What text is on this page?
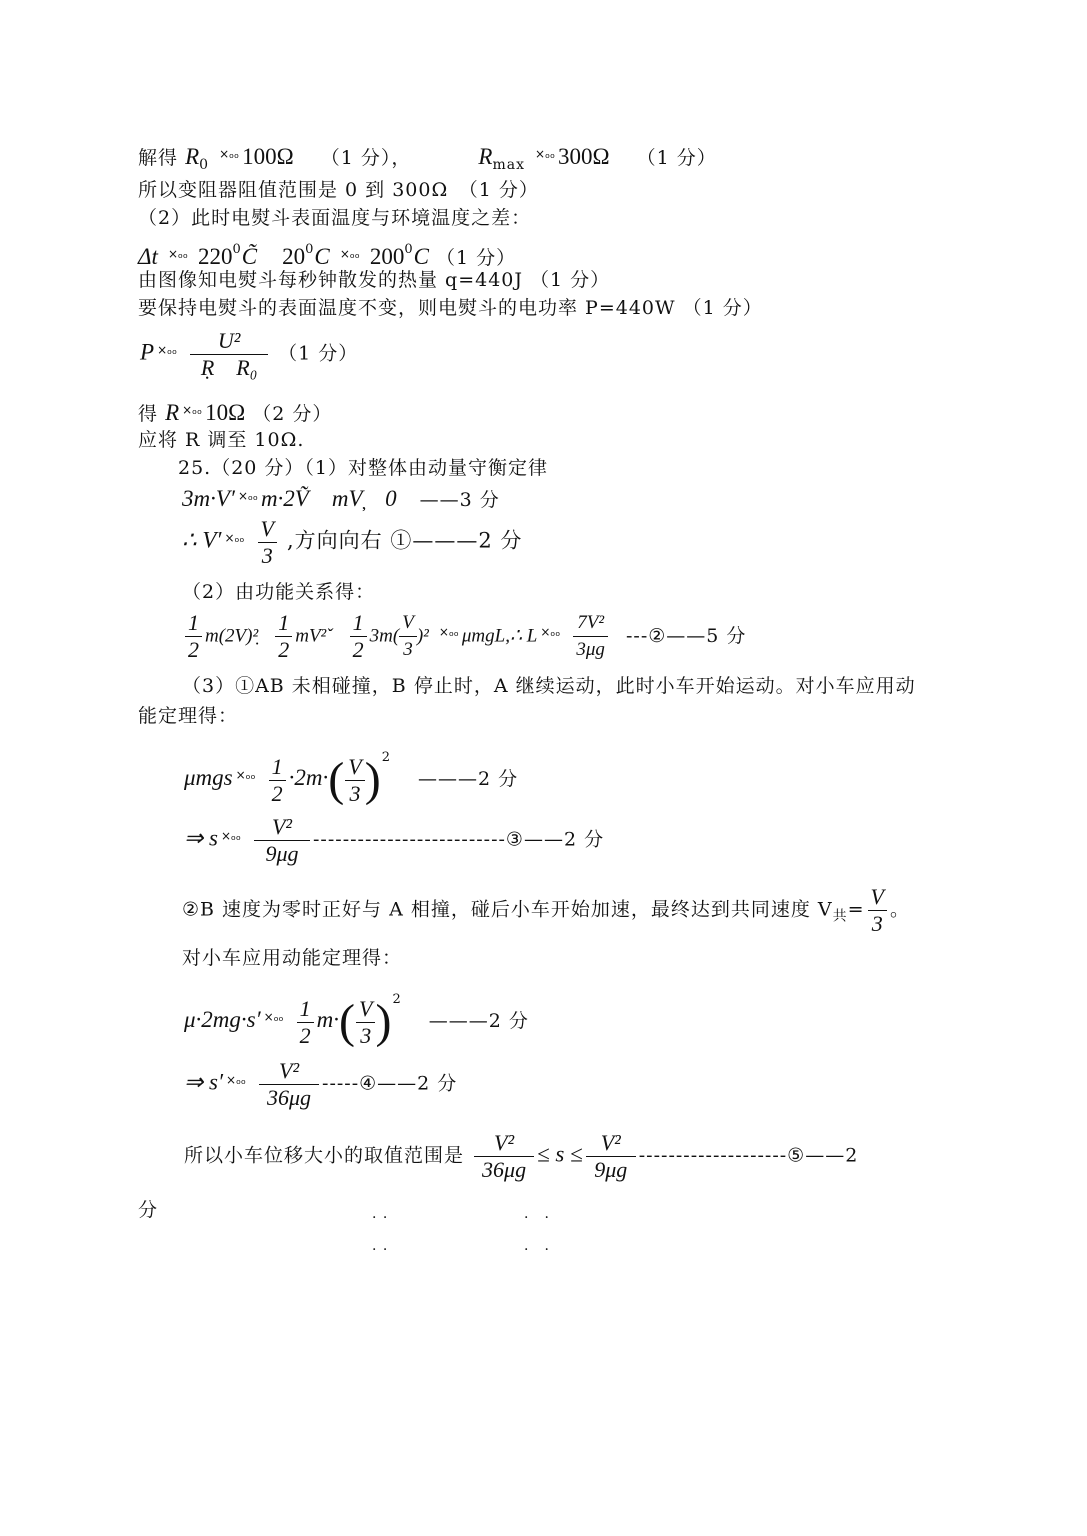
解得 $R_0$ $^{\times_{oo}}$ 100Ω （1 分），	$R_{max}$ $^{\times_{oo}}$ 300Ω （1 分）
所以变阻器阻值范围是 0 到 300Ω　（1 分）
（2）此时电熨斗表面温度与环境温度之差：
Δt $^{\times_{oo}}$ $220^0C̃$ $20^0C$ $^{\times_{oo}}$ $200^0C$ （1 分）
由图像知电熨斗每秒钟散发的热量 q=440J （1 分）
要保持电熨斗的表面温度不变，则电熨斗的电功率 P=440W （1 分）
P $^{\times_{oo}} \frac{\text{U²}}{\text{Ṛ　R₀}} (1$ 分）
得 R $^{\times_{oo}}$ 10Ω （2 分）
应将 R 调至 10Ω.
25.（20 分）（1）对整体由动量守衡定律
3m·V′ $^{\times_{oo}}$ m·2Ṽ　mV̦　0 ——3 分
∴ V′ $^{\times_{oo}} \frac{V}{3}$ ,方向向右 ①———2 分
（2）由功能关系得：
$\frac{1}{2}$ m(2V)²̣ $\frac{1}{2}$ mV²ˇ $\frac{1}{2} 3m( \frac{V}{3} )^2$ $^{\times_{oo}}$ μmgL,∴ L $^{\times_{oo}} \frac{\text{7V²}}{3\mu g}$ ---②——5 分
（3）①AB 未相碰撞，B 停止时，A 继续运动，此时小车开始运动。对小车应用动
能定理得：
μmgs $^{\times_{oo}} \frac{1}{2} \cdot 2m\cdot( \frac{V}{3} )^2$ ———2 分
⇒ s $^{\times_{oo}} \frac{\text{V²}}{9\mu g}$ --------------------------③——2 分
②B 速度为零时正好与 A 相撞，碰后小车开始加速，最终达到共同速度 $V_共= \frac{V}{3}$ 。
对小车应用动能定理得：
μ·2mg·s′ $^{\times_{oo}} \frac{1}{2} m\cdot( \frac{V}{3} )^2$ ———2 分
⇒ s′ $^{\times_{oo}} \frac{\text{V²}}{36\mu g}$ -----④——2 分
所以小车位移大小的取值范围是 $\frac{\text{V²}}{36\mu g} \le s \le \frac{\text{V²}}{9\mu g}$ --------------------⑤——2
分	· ·	·　·
· ·	·　·
